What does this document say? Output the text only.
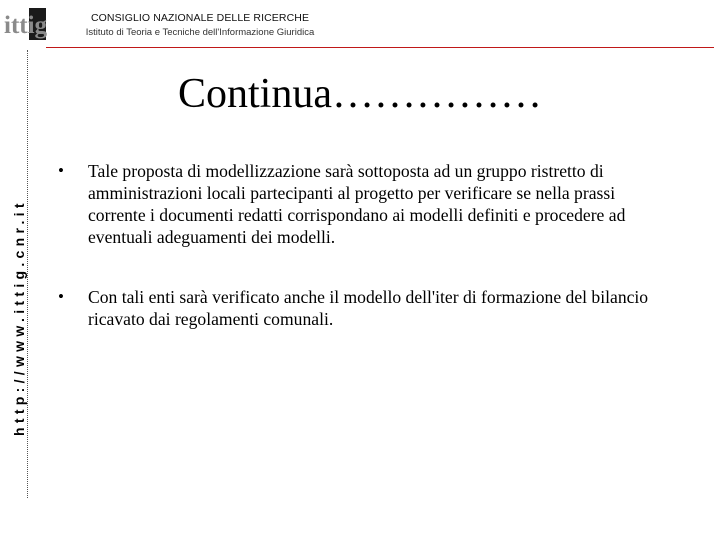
ittig	CONSIGLIO NAZIONALE DELLE RICERCHE
Istituto di Teoria e Tecniche dell'Informazione Giuridica
http://www.ittig.cnr.it
Continua……………
• Tale proposta di modellizzazione sarà sottoposta ad un gruppo ristretto di amministrazioni locali partecipanti al progetto per verificare se nella prassi corrente i documenti redatti corrispondano ai modelli definiti e procedere ad eventuali adeguamenti dei modelli.
• Con tali enti sarà verificato anche il modello dell'iter di formazione del bilancio ricavato dai regolamenti comunali.
